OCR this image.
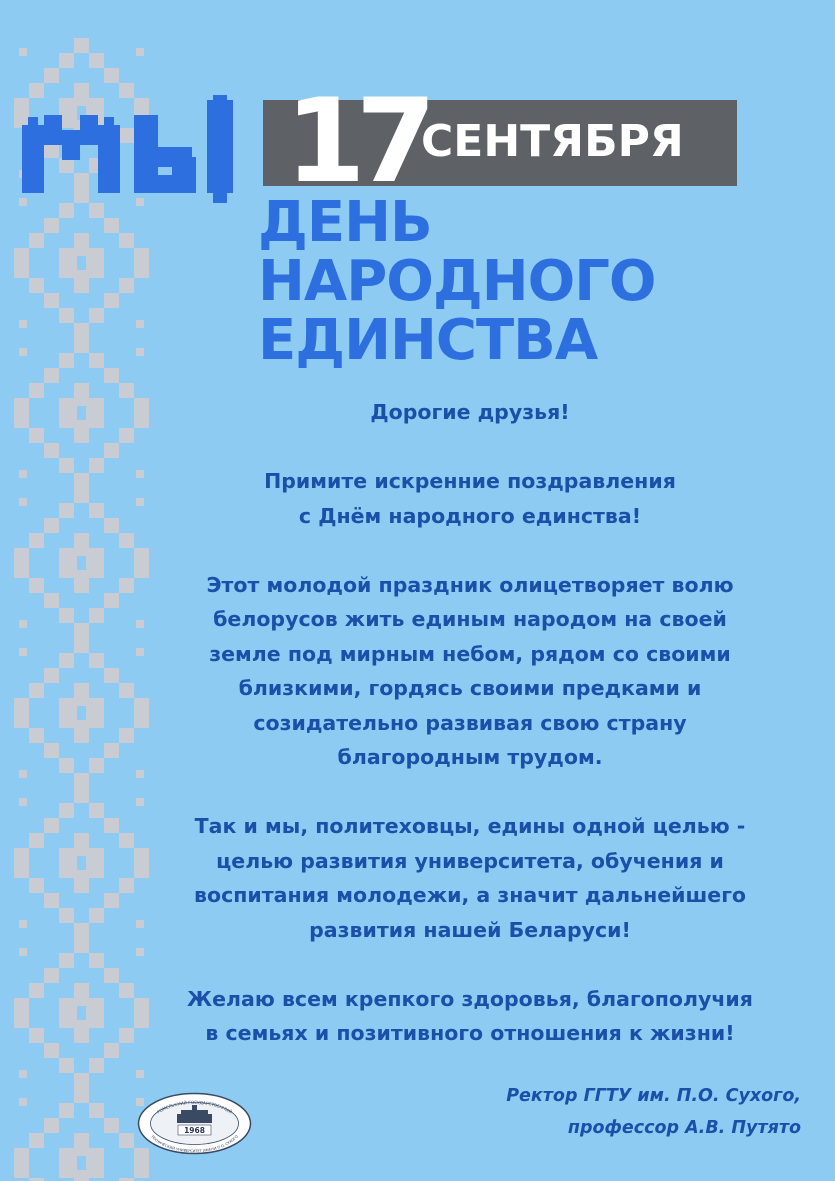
МЫ 17
СЕНТЯБРЯ
ДЕНЬ
НАРОДНОГО
ЕДИНСТВА

Дорогие друзья!

Примите искренние поздравления
с Днём народного единства!

Этот молодой праздник олицетворяет волю
белорусов жить единым народом на своей
земле под мирным небом, рядом со своими
близкими, гордясь своими предками и
созидательно развивая свою страну
благородным трудом.

Так и мы, политеховцы, едины одной целью -
целью развития университета, обучения и
воспитания молодежи, а значит дальнейшего
развития нашей Беларуси!

Желаю всем крепкого здоровья, благополучия
в семьях и позитивного отношения к жизни!

ГОМЕЛЬСКИЙ ГОСУДАРСТВЕННЫЙ
ТЕХНИЧЕСКИЙ УНИВЕРСИТЕТ ИМЕНИ П.О. СУХОГО
1968
Ректор ГГТУ им. П.О. Сухого,
профессор А.В. Путято
